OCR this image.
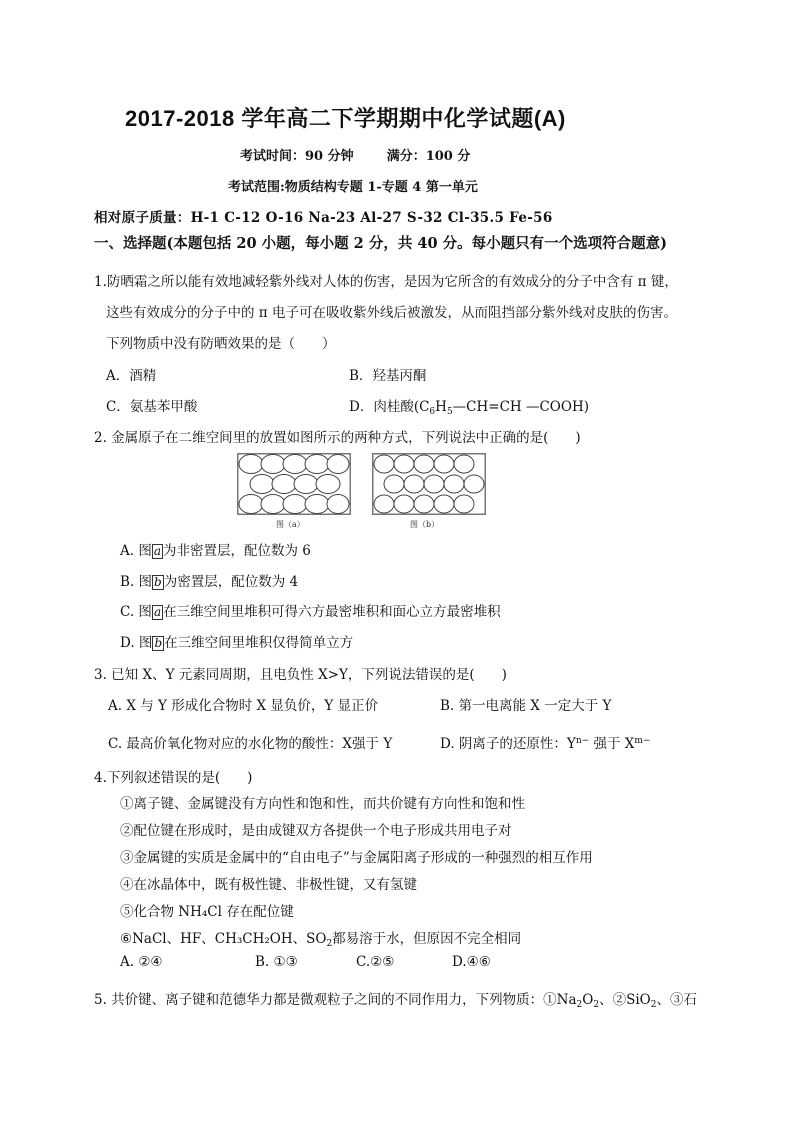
2017-2018 学年高二下学期期中化学试题(A)
考试时间：90 分钟	满分：100 分
考试范围:物质结构专题 1-专题 4 第一单元
相对原子质量：H-1 C-12 O-16 Na-23 Al-27 S-32 Cl-35.5 Fe-56
一、选择题(本题包括 20 小题，每小题 2 分，共 40 分。每小题只有一个选项符合题意)
1.防晒霜之所以能有效地减轻紫外线对人体的伤害，是因为它所含的有效成分的分子中含有 π 键，
这些有效成分的分子中的 π 电子可在吸收紫外线后被激发，从而阻挡部分紫外线对皮肤的伤害。
下列物质中没有防晒效果的是（　　）
A．酒精	B．羟基丙酮
C．氨基苯甲酸	D．肉桂酸($C_6H_5—CH=CH$ —COOH)
2. 金属原子在二维空间里的放置如图所示的两种方式，下列说法中正确的是(　　)
图（a）	图（b）
A. 图 a 为非密置层，配位数为 6
B. 图 b 为密置层，配位数为 4
C. 图 a 在三维空间里堆积可得六方最密堆积和面心立方最密堆积
D. 图 b 在三维空间里堆积仅得简单立方
3. 已知 X、Y 元素同周期，且电负性 X>Y，下列说法错误的是(　　)
A. X 与 Y 形成化合物时 X 显负价，Y 显正价	B. 第一电离能 X 一定大于 Y
C. 最高价氧化物对应的水化物的酸性：X强于 Y	D. 阴离子的还原性：$Y^{n-}$ 强于 $X^{m-}$
4.下列叙述错误的是(　　)
①离子键、金属键没有方向性和饱和性，而共价键有方向性和饱和性
②配位键在形成时，是由成键双方各提供一个电子形成共用电子对
③金属键的实质是金属中的“自由电子”与金属阳离子形成的一种强烈的相互作用
④在冰晶体中，既有极性键、非极性键，又有氢键
⑤化合物 NH₄Cl 存在配位键
⑥NaCl、HF、CH₃CH₂OH、$SO_2$都易溶于水，但原因不完全相同
A. ②④	B. ①③	C.②⑤	D.④⑥
5. 共价键、离子键和范德华力都是微观粒子之间的不同作用力，下列物质：$①Na_2O_2$、②SiO$_2$、③石
